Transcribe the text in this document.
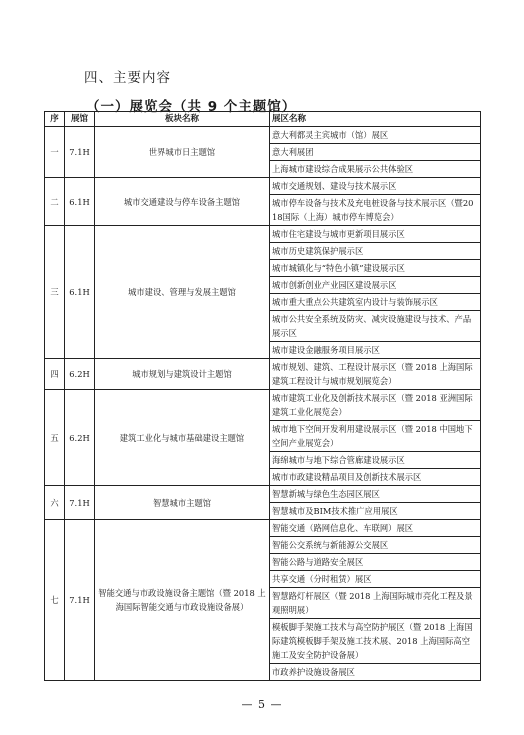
四、主要内容
（一）展览会（共 9 个主题馆）
序	展馆	板块名称	展区名称
一	7.1H	世界城市日主题馆	意大利都灵主宾城市（馆）展区
			意大利展团
			上海城市建设综合成果展示公共体验区
二	6.1H	城市交通建设与停车设备主题馆	城市交通规划、建设与技术展示区
			城市停车设备与技术及充电桩设备与技术展示区（暨2018国际（上海）城市停车博览会）
三	6.1H	城市建设、管理与发展主题馆	城市住宅建设与城市更新项目展示区
			城市历史建筑保护展示区
			城市城镇化与“特色小镇”建设展示区
			城市创新创业产业园区建设展示区
			城市重大重点公共建筑室内设计与装饰展示区
			城市公共安全系统及防灾、减灾设施建设与技术、产品展示区
			城市建设金融服务项目展示区
四	6.2H	城市规划与建筑设计主题馆	城市规划、建筑、工程设计展示区（暨 2018 上海国际建筑工程设计与城市规划展览会）
五	6.2H	建筑工业化与城市基础建设主题馆	城市建筑工业化及创新技术展示区（暨 2018 亚洲国际建筑工业化展览会）
			城市地下空间开发利用建设展示区（暨 2018 中国地下空间产业展览会）
			海绵城市与地下综合管廊建设展示区
			城市市政建设精品项目及创新技术展示区
六	7.1H	智慧城市主题馆	智慧新城与绿色生态园区展区
			智慧城市及BIM技术推广应用展区
七	7.1H	智能交通与市政设施设备主题馆（暨 2018 上海国际智能交通与市政设施设备展）	智能交通（路网信息化、车联网）展区
			智能公交系统与新能源公交展区
			智能公路与道路安全展区
			共享交通（分时租赁）展区
			智慧路灯杆展区（暨 2018 上海国际城市亮化工程及景观照明展）
			模板脚手架施工技术与高空防护展区（暨 2018 上海国际建筑模板脚手架及施工技术展、2018 上海国际高空施工及安全防护设备展）
			市政养护设施设备展区
— 5 —
